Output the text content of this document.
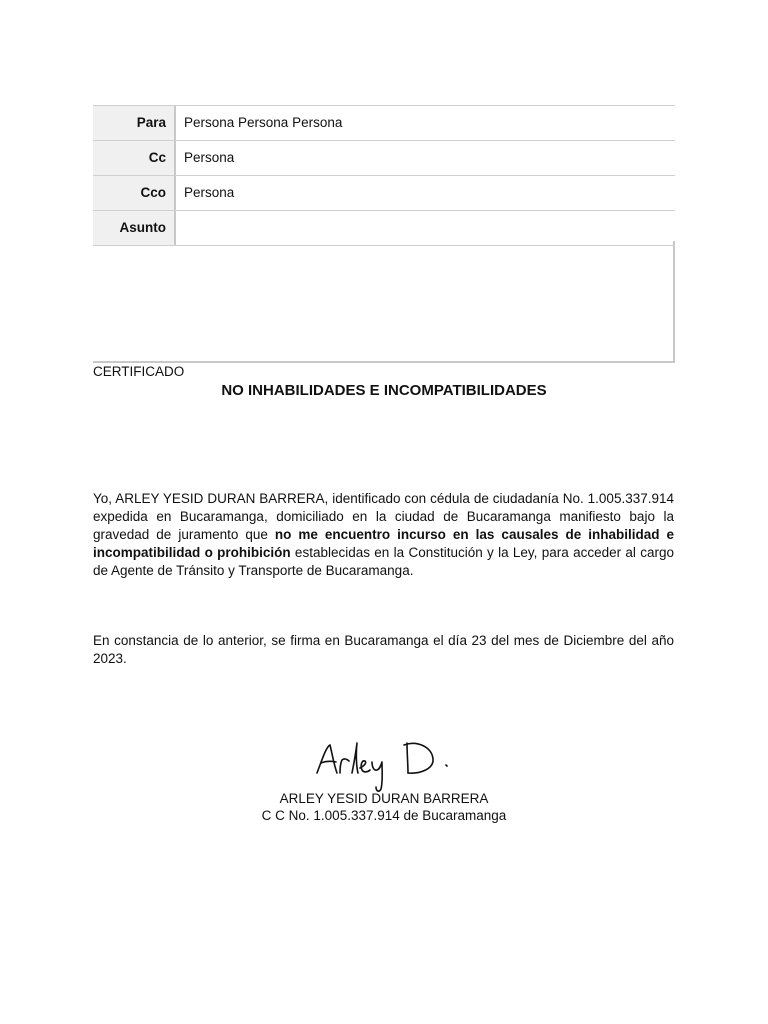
Para	Persona Persona Persona
Cc	Persona
Cco	Persona
Asunto
CERTIFICADO
NO INHABILIDADES E INCOMPATIBILIDADES
Yo, ARLEY YESID DURAN BARRERA, identificado con cédula de ciudadanía No. 1.005.337.914 expedida en Bucaramanga, domiciliado en la ciudad de Bucaramanga manifiesto bajo la gravedad de juramento que no me encuentro incurso en las causales de inhabilidad e incompatibilidad o prohibición establecidas en la Constitución y la Ley, para acceder al cargo de Agente de Tránsito y Transporte de Bucaramanga.
En constancia de lo anterior, se firma en Bucaramanga el día 23 del mes de Diciembre del año 2023.
ARLEY YESID DURAN BARRERA
C C No. 1.005.337.914 de Bucaramanga
